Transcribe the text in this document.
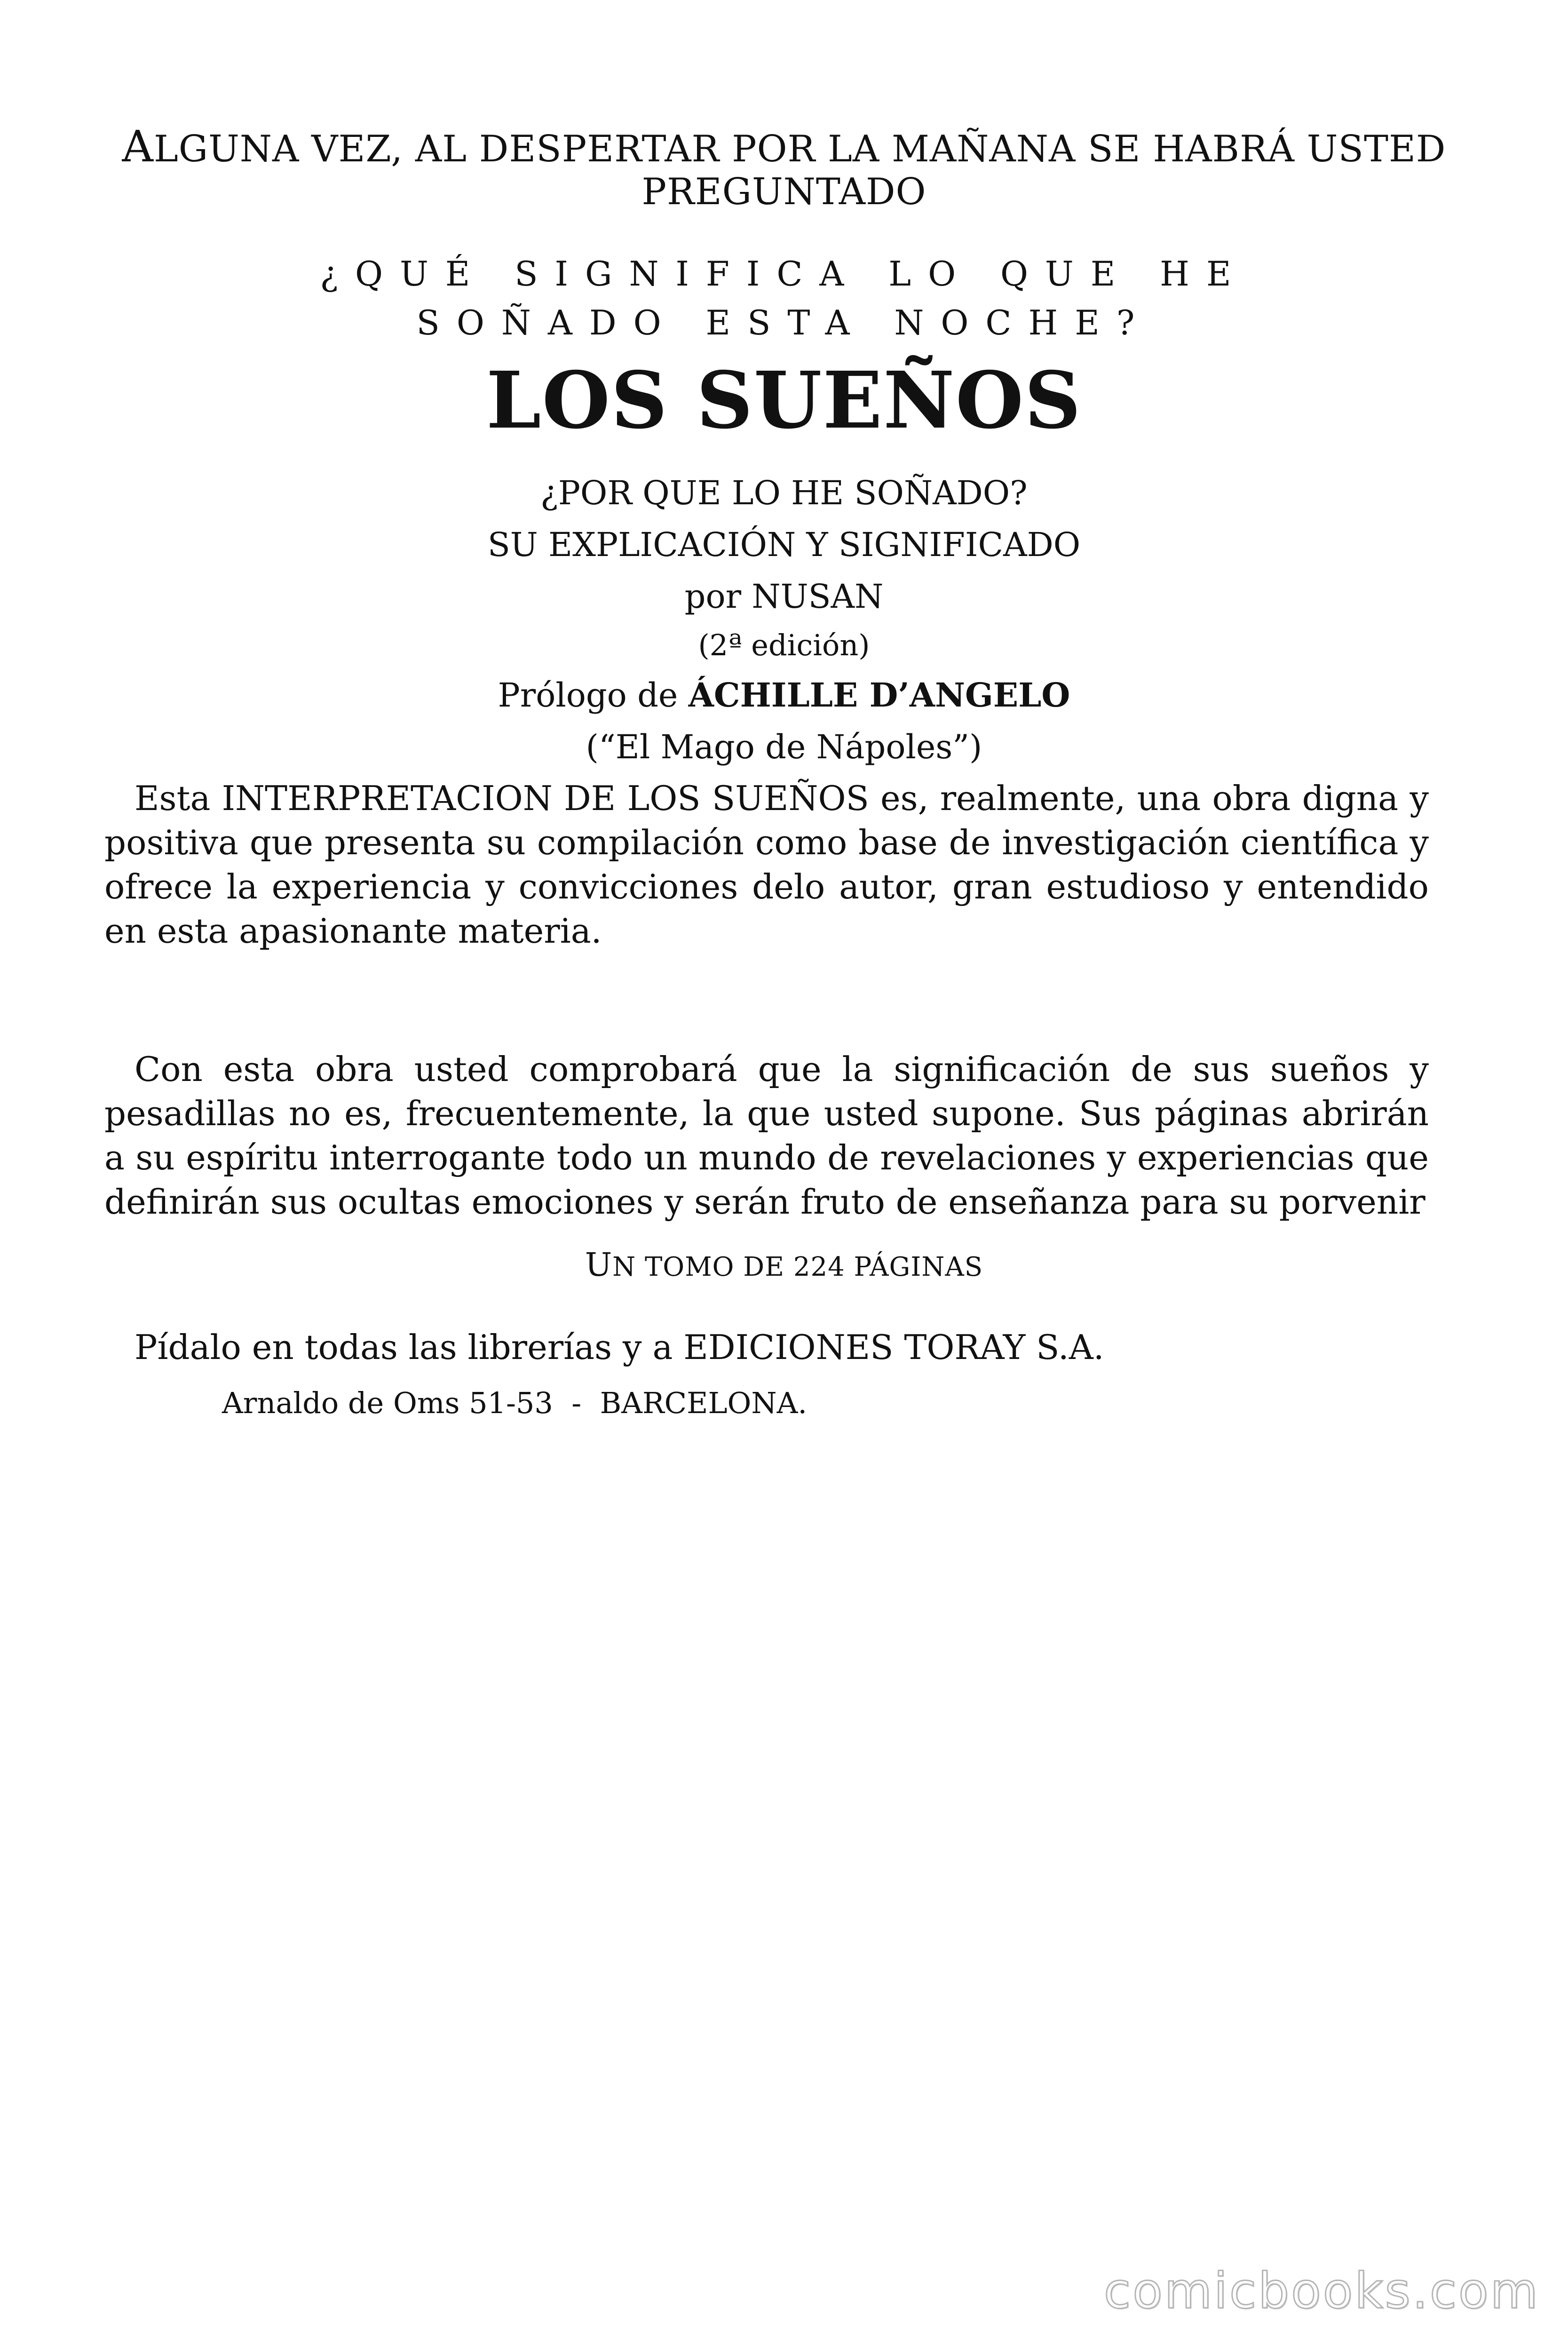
ALGUNA VEZ, AL DESPERTAR POR LA MAÑANA SE HABRÁ USTED
PREGUNTADO
¿QUÉ SIGNIFICA LO QUE HE
SOÑADO ESTA NOCHE?
LOS SUEÑOS
¿POR QUE LO HE SOÑADO?
SU EXPLICACIÓN Y SIGNIFICADO
por NUSAN
(2ª edición)
Prólogo de ÁCHILLE D’ANGELO
(“El Mago de Nápoles”)

Esta INTERPRETACION DE LOS SUEÑOS es, realmente, una obra digna y positiva que presenta su compilación como base de investigación científica y ofrece la experiencia y convicciones delo autor, gran estudioso y entendido en esta apasionante materia.

Con esta obra usted comprobará que la significación de sus sueños y pesadillas no es, frecuentemente, la que usted supone. Sus páginas abrirán a su espíritu interrogante todo un mundo de revelaciones y experiencias que definirán sus ocultas emociones y serán fruto de enseñanza para su porvenir

UN TOMO DE 224 PÁGINAS
Pídalo en todas las librerías y a EDICIONES TORAY S.A.
Arnaldo de Oms 51-53  -  BARCELONA.
comicbooks.com
